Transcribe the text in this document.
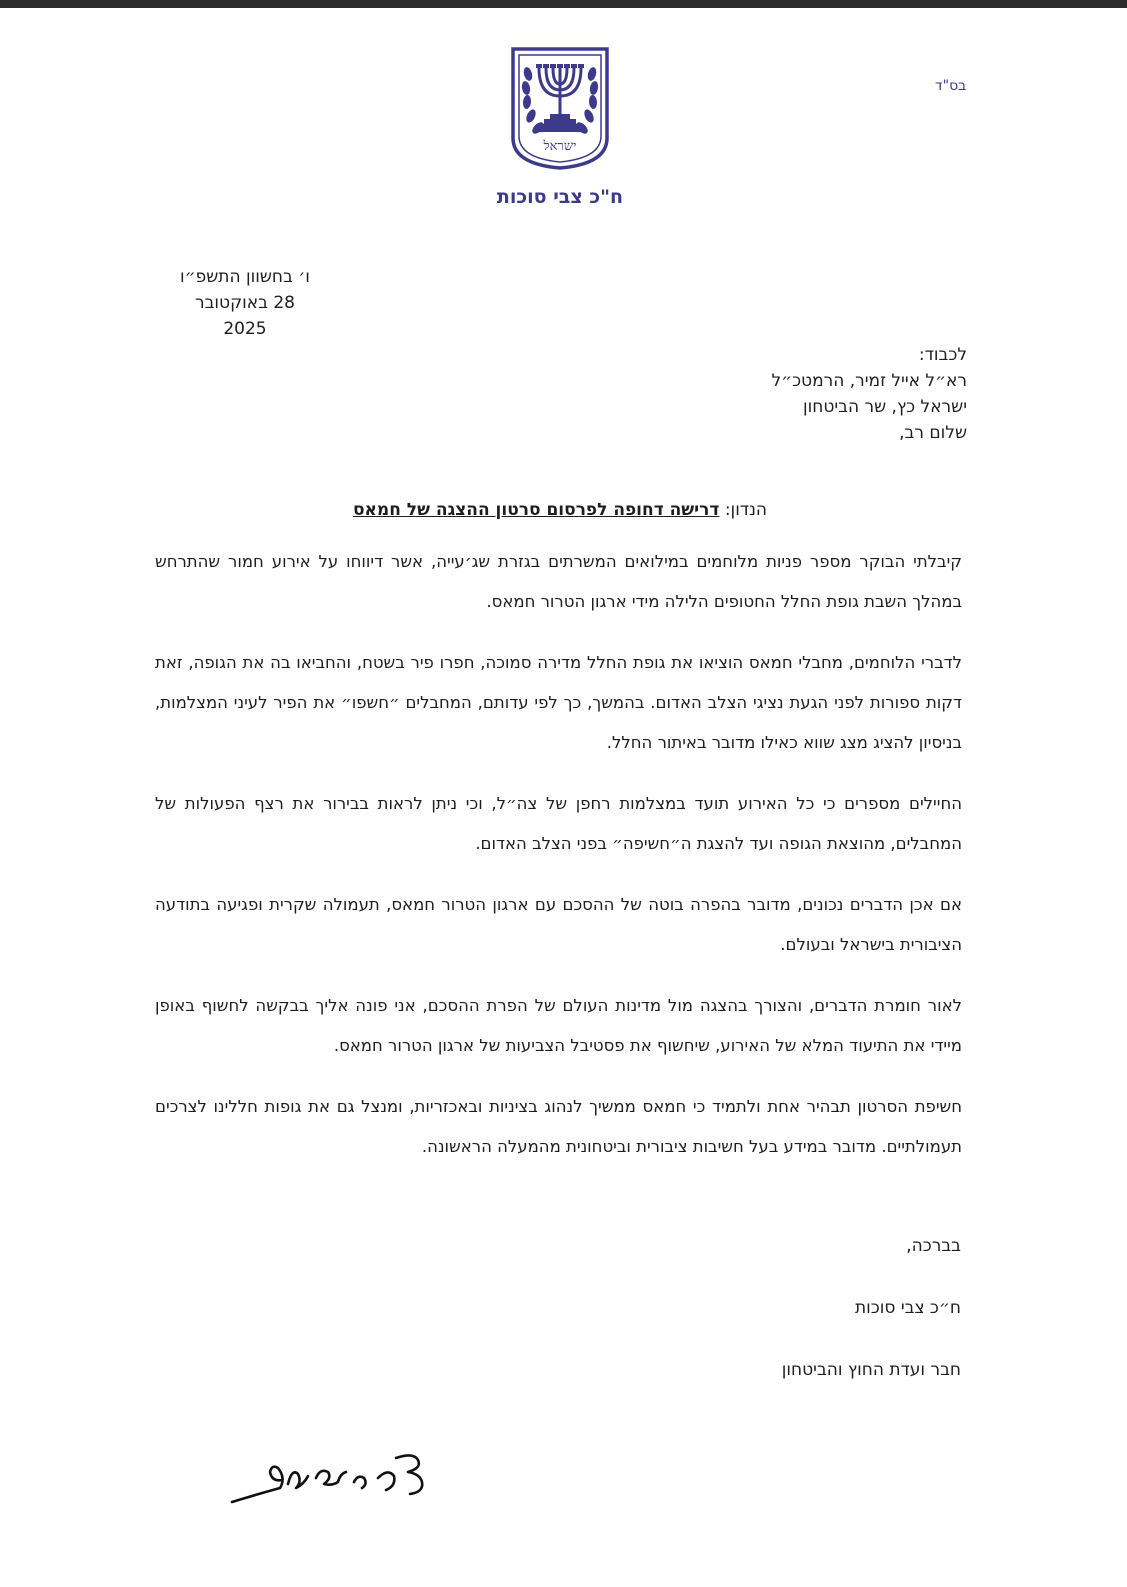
בס"ד
ישראל
ח"כ צבי סוכות
ו׳ בחשוון התשפ״ו
28 באוקטובר
2025
לכבוד:
רא״ל אייל זמיר, הרמטכ״ל
ישראל כץ, שר הביטחון
שלום רב,
הנדון: דרישה דחופה לפרסום סרטון ההצגה של חמאס

קיבלתי הבוקר מספר פניות מלוחמים במילואים המשרתים בגזרת שג׳עייה, אשר דיווחו על אירוע חמור שהתרחש במהלך השבת גופת החלל החטופים הלילה מידי ארגון הטרור חמאס.

לדברי הלוחמים, מחבלי חמאס הוציאו את גופת החלל מדירה סמוכה, חפרו פיר בשטח, והחביאו בה את הגופה, זאת דקות ספורות לפני הגעת נציגי הצלב האדום. בהמשך, כך לפי עדותם, המחבלים ״חשפו״ את הפיר לעיני המצלמות, בניסיון להציג מצג שווא כאילו מדובר באיתור החלל.

החיילים מספרים כי כל האירוע תועד במצלמות רחפן של צה״ל, וכי ניתן לראות בבירור את רצף הפעולות של המחבלים, מהוצאת הגופה ועד להצגת ה״חשיפה״ בפני הצלב האדום.

אם אכן הדברים נכונים, מדובר בהפרה בוטה של ההסכם עם ארגון הטרור חמאס, תעמולה שקרית ופגיעה בתודעה הציבורית בישראל ובעולם.

לאור חומרת הדברים, והצורך בהצגה מול מדינות העולם של הפרת ההסכם, אני פונה אליך בבקשה לחשוף באופן מיידי את התיעוד המלא של האירוע, שיחשוף את פסטיבל הצביעות של ארגון הטרור חמאס.

חשיפת הסרטון תבהיר אחת ולתמיד כי חמאס ממשיך לנהוג בציניות ובאכזריות, ומנצל גם את גופות חללינו לצרכים תעמולתיים. מדובר במידע בעל חשיבות ציבורית וביטחונית מהמעלה הראשונה.

בברכה,
ח״כ צבי סוכות
חבר ועדת החוץ והביטחון
